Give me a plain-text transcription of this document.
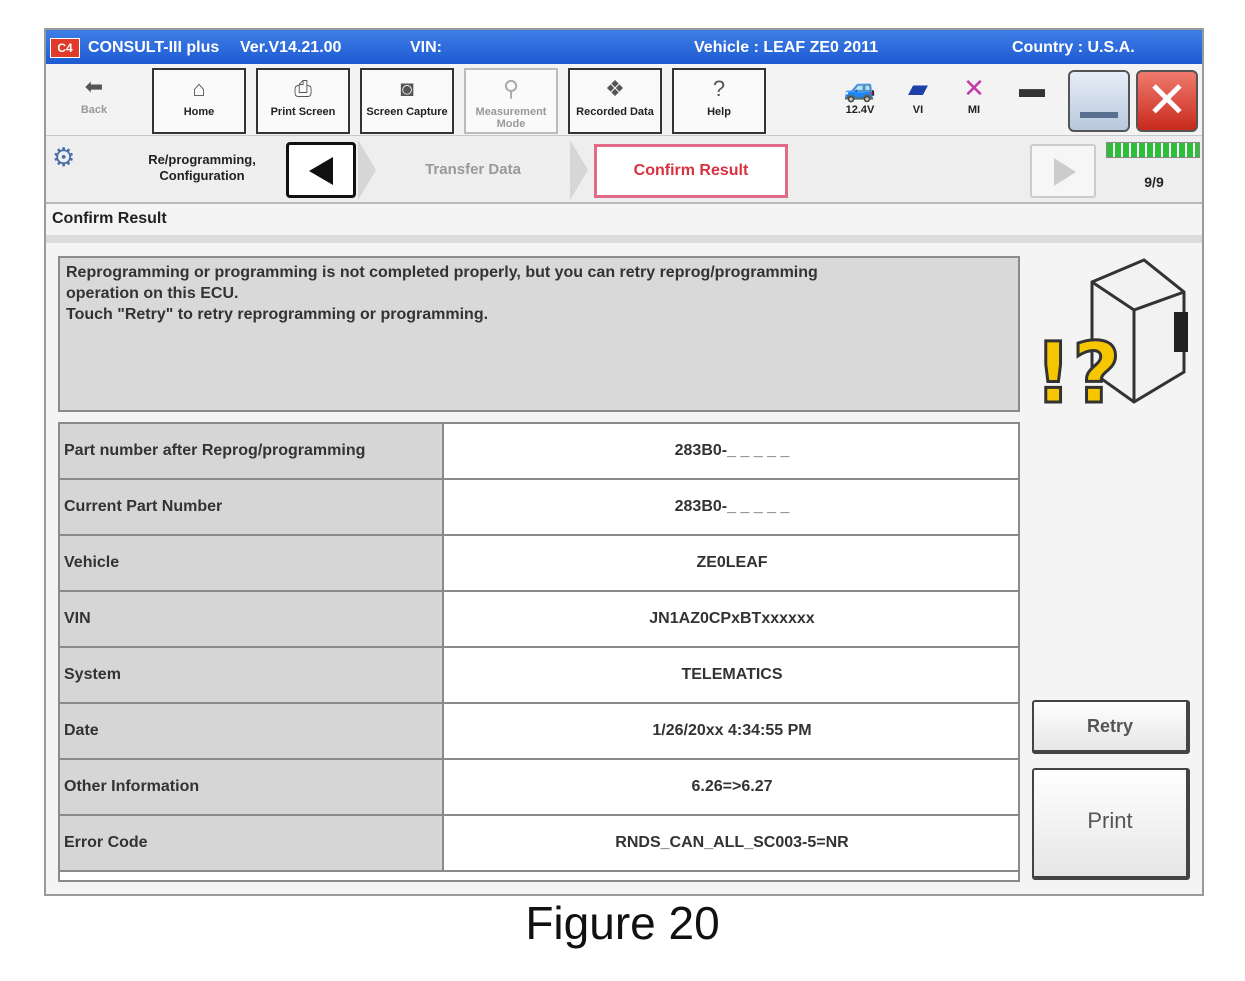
C4 CONSULT-III plus Ver.V14.21.00	VIN:	Vehicle : LEAF ZE0 2011	Country : U.S.A.
⬅
Back
⌂
Home
⎙
Print Screen
◙
Screen Capture
⚲
Measurement Mode
❖
Recorded Data
?
Help
🚙
12.4V
▰
VI
✕
MI
▬ ✕
⚙	Re/programming, Configuration	Transfer Data	Confirm Result
9/9
Confirm Result
Reprogramming or programming is not completed properly, but you can retry reprog/programming
operation on this ECU.
Touch "Retry" to retry reprogramming or programming.
!?
Part number after Reprog/programming	283B0-_ _ _ _ _
Current Part Number	283B0-_ _ _ _ _
Vehicle	ZE0LEAF
VIN	JN1AZ0CPxBTxxxxxx
System	TELEMATICS
Date	1/26/20xx 4:34:55 PM
Other Information	6.26=>6.27
Error Code	RNDS_CAN_ALL_SC003-5=NR
Retry
Print
Figure 20
